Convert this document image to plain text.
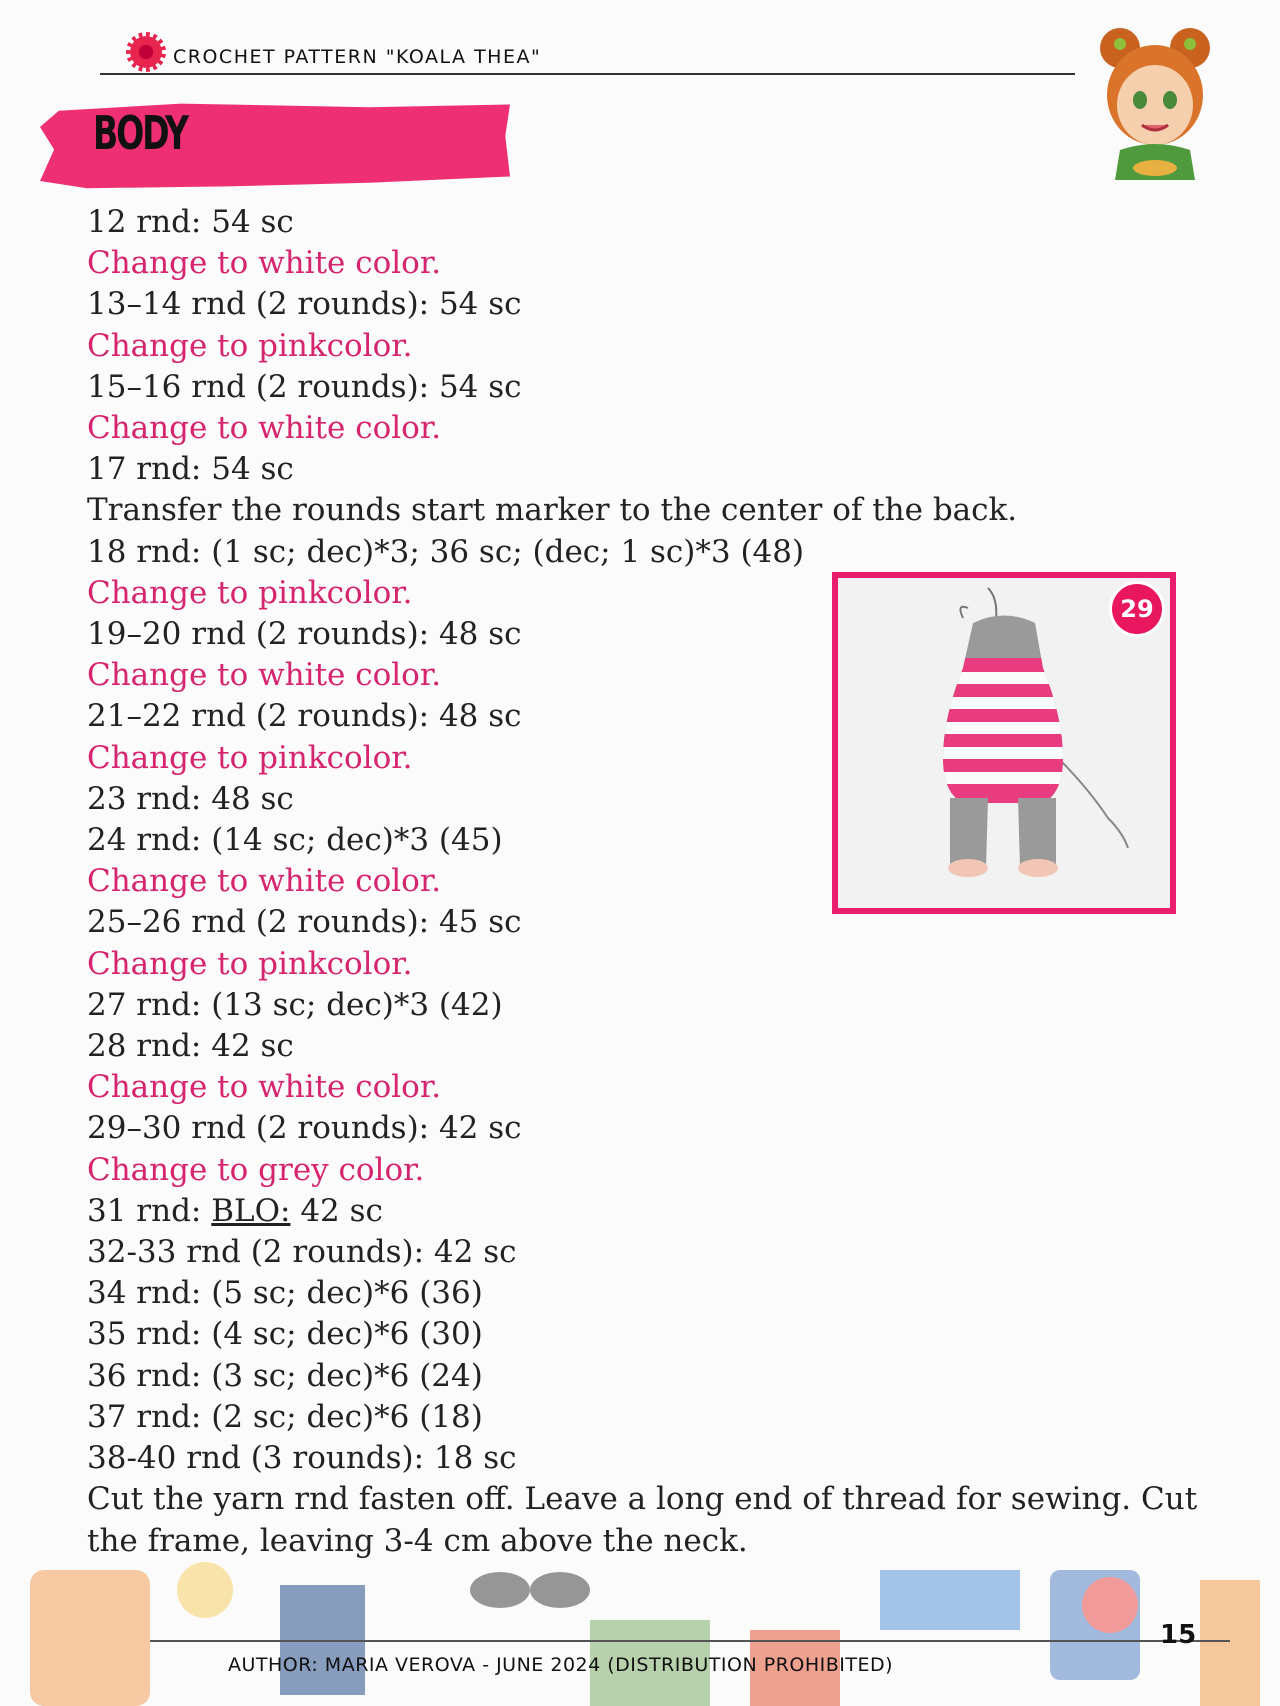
CROCHET PATTERN "KOALA THEA"
BODY
12 rnd: 54 sc
Change to white color.
13–14 rnd (2 rounds): 54 sc
Change to pinkcolor.
15–16 rnd (2 rounds): 54 sc
Change to white color.
17 rnd: 54 sc
Transfer the rounds start marker to the center of the back.
18 rnd: (1 sc; dec)*3; 36 sc; (dec; 1 sc)*3 (48)
Change to pinkcolor.
19–20 rnd (2 rounds): 48 sc
Change to white color.
21–22 rnd (2 rounds): 48 sc
Change to pinkcolor.
23 rnd: 48 sc
24 rnd: (14 sc; dec)*3 (45)
Change to white color.
25–26 rnd (2 rounds): 45 sc
Change to pinkcolor.
27 rnd: (13 sc; dec)*3 (42)
28 rnd: 42 sc
Change to white color.
29–30 rnd (2 rounds): 42 sc
Change to grey color.
31 rnd: BLO: 42 sc
32-33 rnd (2 rounds): 42 sc
34 rnd: (5 sc; dec)*6 (36)
35 rnd: (4 sc; dec)*6 (30)
36 rnd: (3 sc; dec)*6 (24)
37 rnd: (2 sc; dec)*6 (18)
38-40 rnd (3 rounds): 18 sc
Cut the yarn rnd fasten off. Leave a long end of thread for sewing. Cut the frame, leaving 3-4 cm above the neck.
29
AUTHOR: MARIA VEROVA - JUNE 2024 (DISTRIBUTION PROHIBITED)
15
